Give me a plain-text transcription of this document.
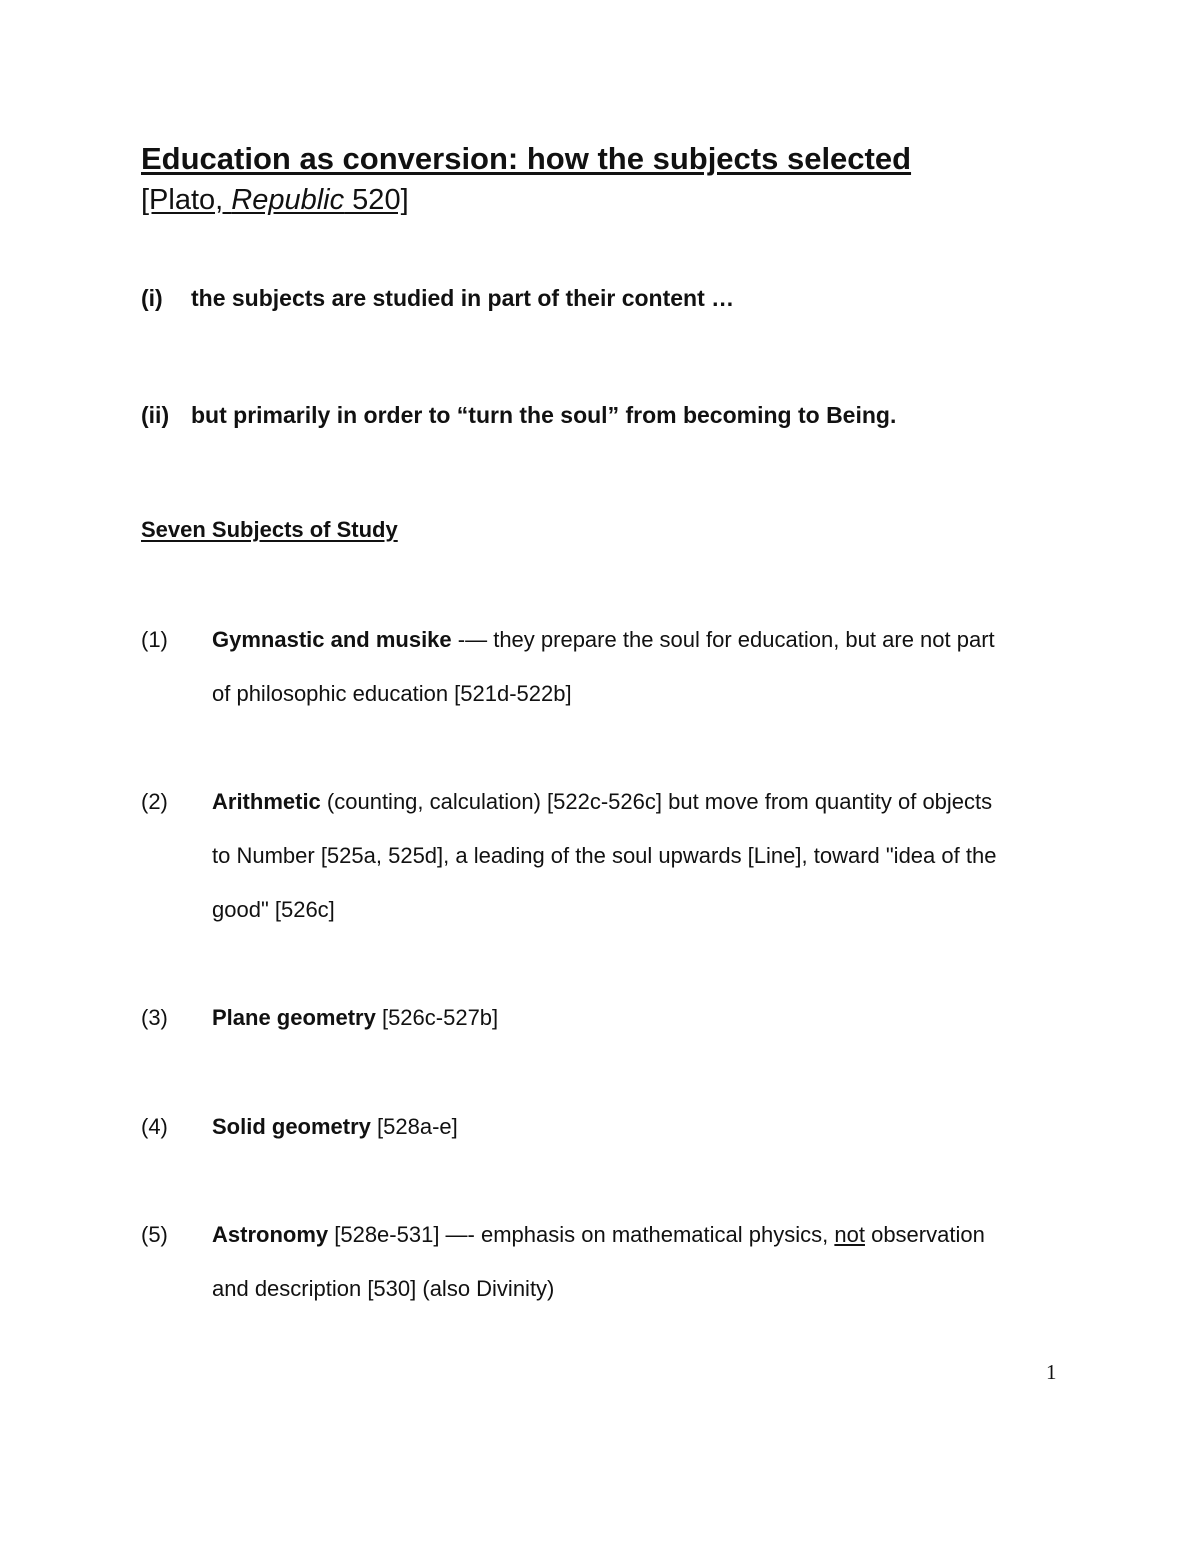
Education as conversion: how the subjects selected
[Plato, Republic 520]
(i) the subjects are studied in part of their content …
(ii) but primarily in order to “turn the soul” from becoming to Being.
Seven Subjects of Study
(1) Gymnastic and musike -— they prepare the soul for education, but are not part
of philosophic education [521d-522b]
(2) Arithmetic (counting, calculation) [522c-526c] but move from quantity of objects
to Number [525a, 525d], a leading of the soul upwards [Line], toward "idea of the
good" [526c]
(3) Plane geometry [526c-527b]
(4) Solid geometry [528a-e]
(5) Astronomy [528e-531] —- emphasis on mathematical physics, not observation
and description [530] (also Divinity)
1
